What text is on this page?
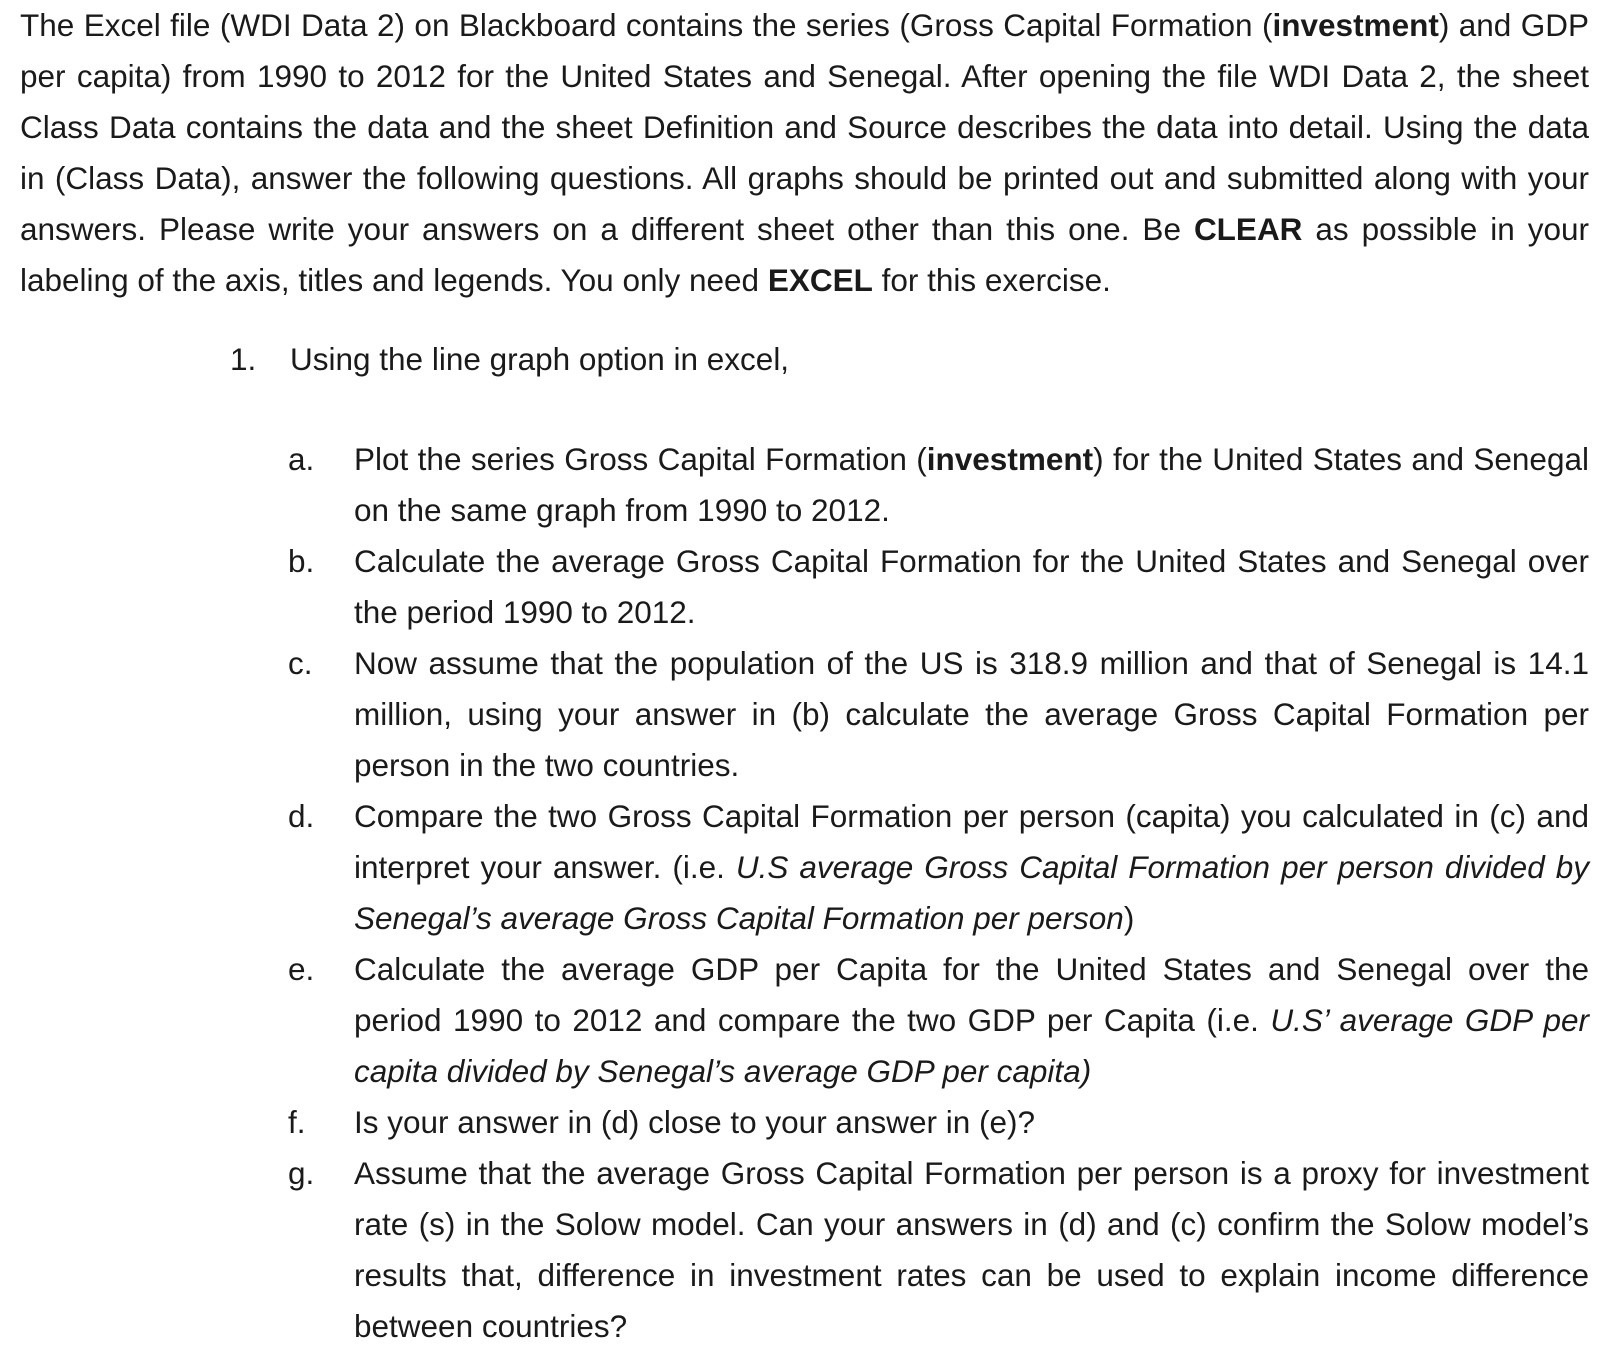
The Excel file (WDI Data 2) on Blackboard contains the series (Gross Capital Formation (investment) and GDP per capita) from 1990 to 2012 for the United States and Senegal. After opening the file WDI Data 2, the sheet Class Data contains the data and the sheet Definition and Source describes the data into detail. Using the data in (Class Data), answer the following questions. All graphs should be printed out and submitted along with your answers. Please write your answers on a different sheet other than this one. Be CLEAR as possible in your labeling of the axis, titles and legends. You only need EXCEL for this exercise.

1. Using the line graph option in excel,

a. Plot the series Gross Capital Formation (investment) for the United States and Senegal on the same graph from 1990 to 2012.
b. Calculate the average Gross Capital Formation for the United States and Senegal over the period 1990 to 2012.
c. Now assume that the population of the US is 318.9 million and that of Senegal is 14.1 million, using your answer in (b) calculate the average Gross Capital Formation per person in the two countries.
d. Compare the two Gross Capital Formation per person (capita) you calculated in (c) and interpret your answer. (i.e. U.S average Gross Capital Formation per person divided by Senegal’s average Gross Capital Formation per person)
e. Calculate the average GDP per Capita for the United States and Senegal over the period 1990 to 2012 and compare the two GDP per Capita (i.e. U.S’ average GDP per capita divided by Senegal’s average GDP per capita)
f. Is your answer in (d) close to your answer in (e)?
g. Assume that the average Gross Capital Formation per person is a proxy for investment rate (s) in the Solow model. Can your answers in (d) and (c) confirm the Solow model’s results that, difference in investment rates can be used to explain income difference between countries?
